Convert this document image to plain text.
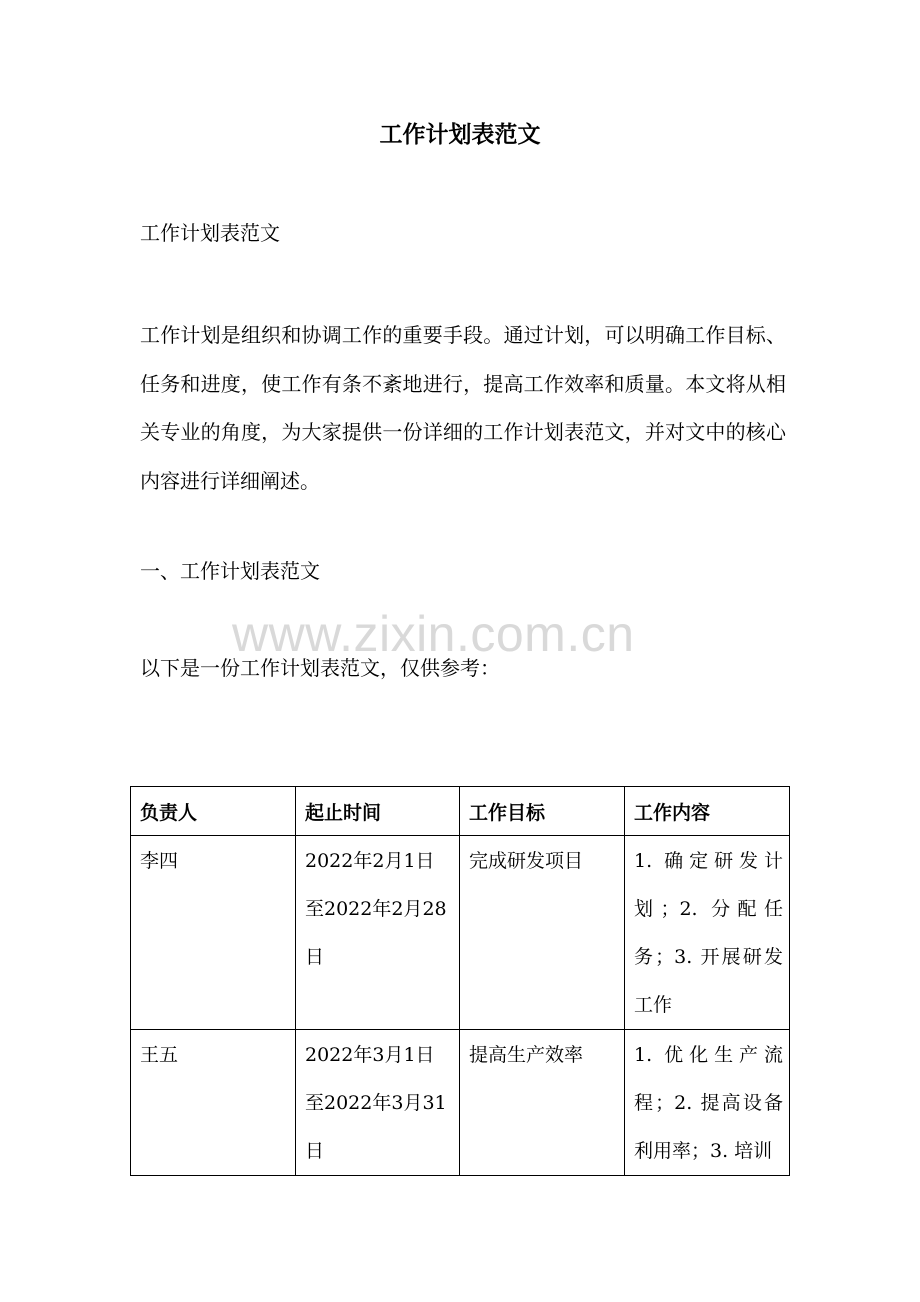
工作计划表范文
工作计划表范文

工作计划是组织和协调工作的重要手段。通过计划，可以明确工作目标、任务和进度，使工作有条不紊地进行，提高工作效率和质量。本文将从相关专业的角度，为大家提供一份详细的工作计划表范文，并对文中的核心内容进行详细阐述。

一、工作计划表范文
www.zixin.com.cn
以下是一份工作计划表范文，仅供参考：
负责人	起止时间	工作目标	工作内容

李四	2022年2月1日至2022年2月28日	完成研发项目	1. 确定研发计划；2. 分配任务；3. 开展研发工作

王五	2022年3月1日至2022年3月31日	提高生产效率	1. 优化生产流程；2. 提高设备利用率；3. 培训
